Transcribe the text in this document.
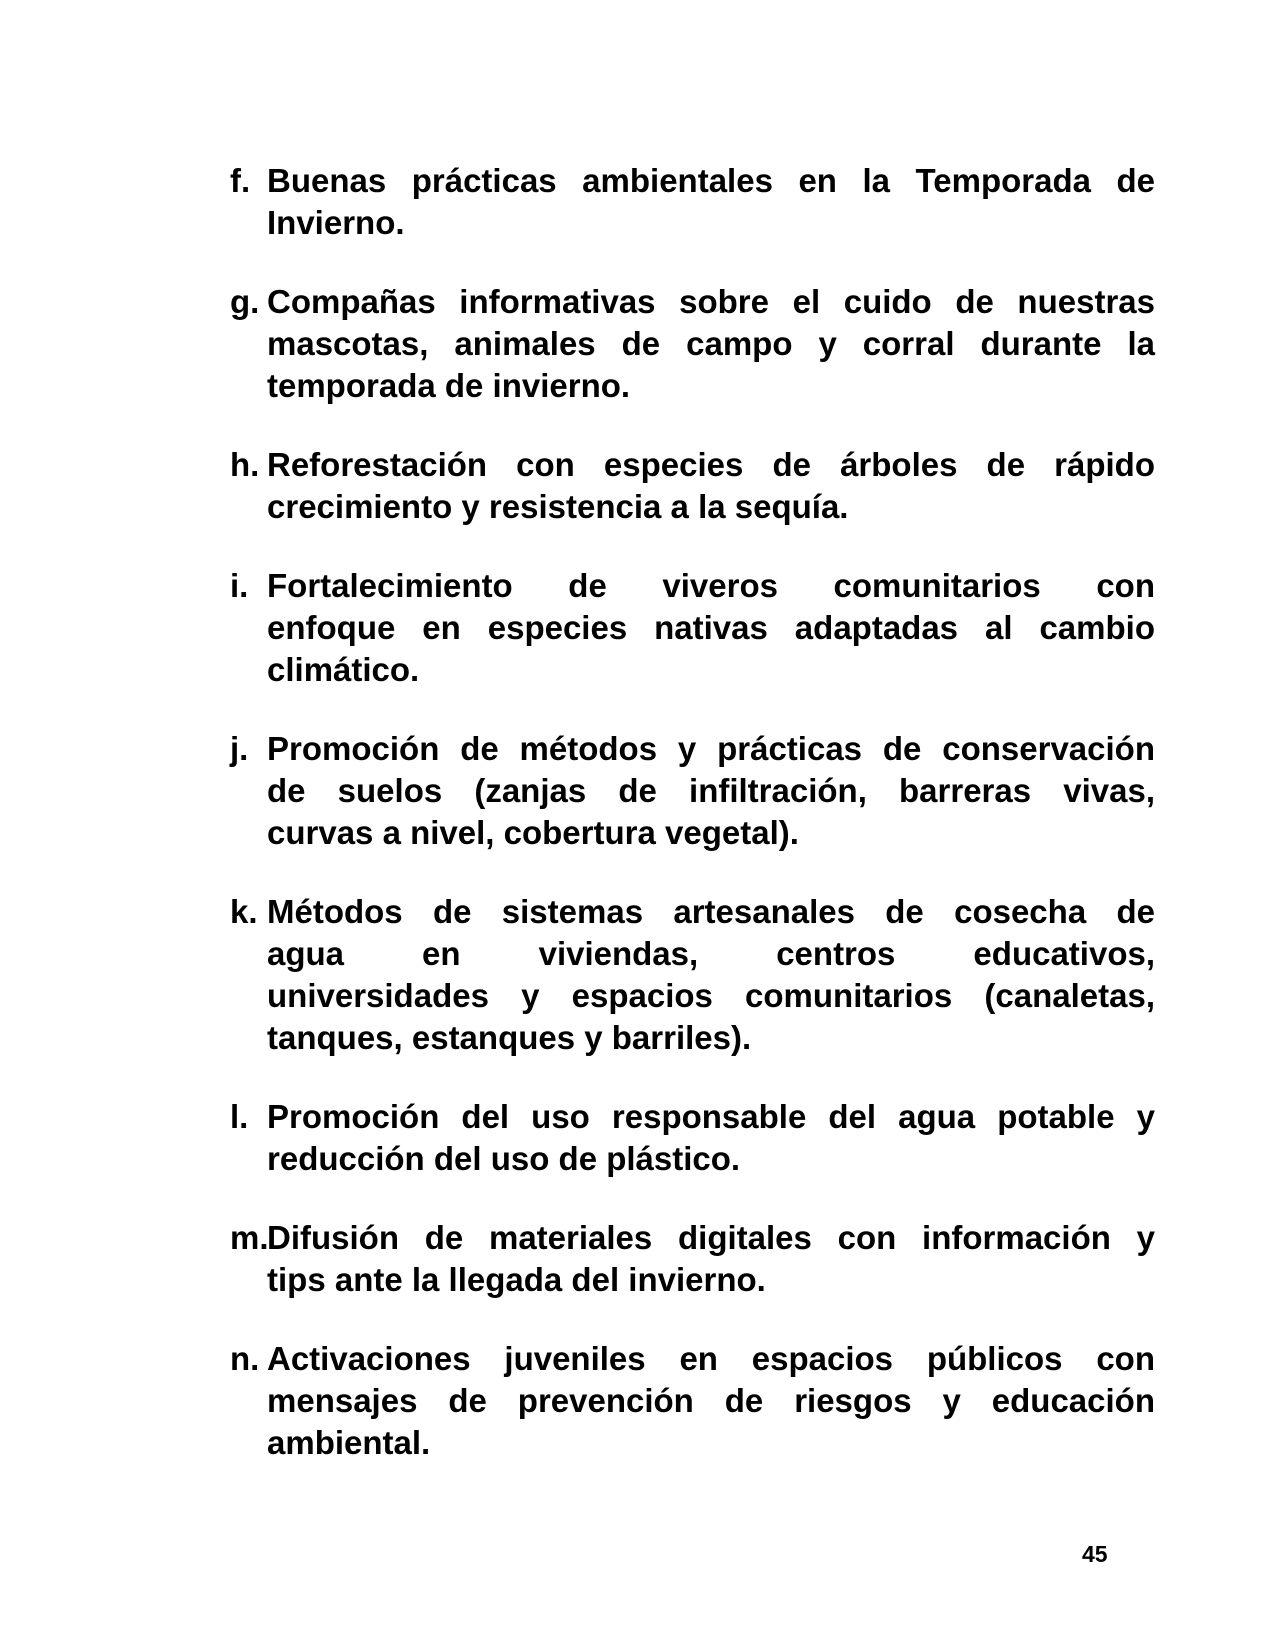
f. Buenas prácticas ambientales en la Temporada de
Invierno.
g. Compañas informativas sobre el cuido de nuestras
mascotas, animales de campo y corral durante la
temporada de invierno.
h. Reforestación con especies de árboles de rápido
crecimiento y resistencia a la sequía.
i. Fortalecimiento de viveros comunitarios con
enfoque en especies nativas adaptadas al cambio
climático.
j. Promoción de métodos y prácticas de conservación
de suelos (zanjas de infiltración, barreras vivas,
curvas a nivel, cobertura vegetal).
k. Métodos de sistemas artesanales de cosecha de
agua en viviendas, centros educativos,
universidades y espacios comunitarios (canaletas,
tanques, estanques y barriles).
l. Promoción del uso responsable del agua potable y
reducción del uso de plástico.
m.
Difusión de materiales digitales con información y
tips ante la llegada del invierno.
n. Activaciones juveniles en espacios públicos con
mensajes de prevención de riesgos y educación
ambiental.
45
